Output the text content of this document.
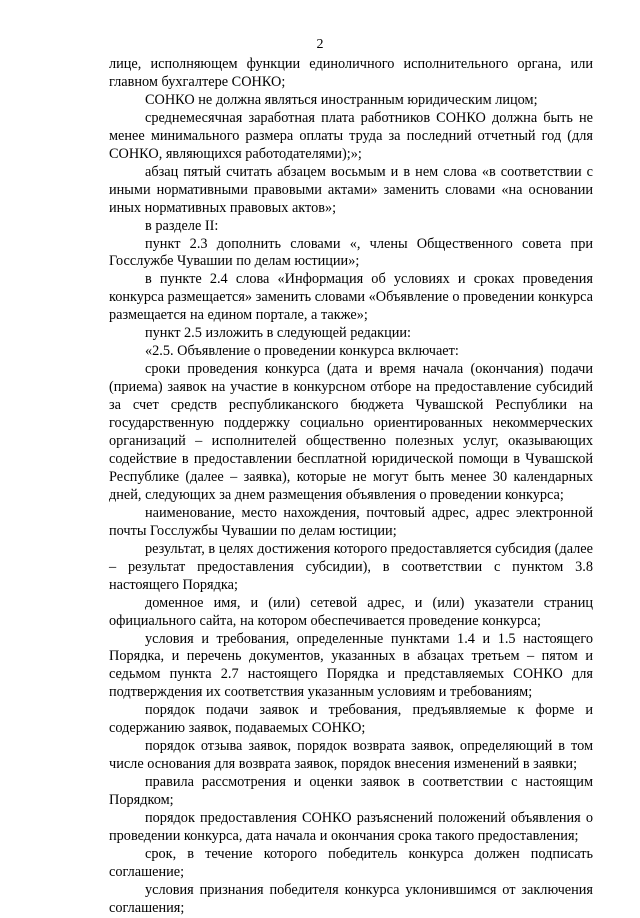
2

лице, исполняющем функции единоличного исполнительного органа, или главном бухгалтере СОНКО;

СОНКО не должна являться иностранным юридическим лицом;

среднемесячная заработная плата работников СОНКО должна быть не менее минимального размера оплаты труда за последний отчетный год (для СОНКО, являющихся работодателями);»;

абзац пятый считать абзацем восьмым и в нем слова «в соответствии с иными нормативными правовыми актами» заменить словами «на основании иных нормативных правовых актов»;

в разделе II:

пункт 2.3 дополнить словами «, члены Общественного совета при Госслужбе Чувашии по делам юстиции»;

в пункте 2.4 слова «Информация об условиях и сроках проведения конкурса размещается» заменить словами «Объявление о проведении конкурса размещается на едином портале, а также»;

пункт 2.5 изложить в следующей редакции:

«2.5. Объявление о проведении конкурса включает:

сроки проведения конкурса (дата и время начала (окончания) подачи (приема) заявок на участие в конкурсном отборе на предоставление субсидий за счет средств республиканского бюджета Чувашской Республики на государственную поддержку социально ориентированных некоммерческих организаций – исполнителей общественно полезных услуг, оказывающих содействие в предоставлении бесплатной юридической помощи в Чувашской Республике (далее – заявка), которые не могут быть менее 30 календарных дней, следующих за днем размещения объявления о проведении конкурса;

наименование, место нахождения, почтовый адрес, адрес электронной почты Госслужбы Чувашии по делам юстиции;

результат, в целях достижения которого предоставляется субсидия (далее – результат предоставления субсидии), в соответствии с пунктом 3.8 настоящего Порядка;

доменное имя, и (или) сетевой адрес, и (или) указатели страниц официального сайта, на котором обеспечивается проведение конкурса;

условия и требования, определенные пунктами 1.4 и 1.5 настоящего Порядка, и перечень документов, указанных в абзацах третьем – пятом и седьмом пункта 2.7 настоящего Порядка и представляемых СОНКО для подтверждения их соответствия указанным условиям и требованиям;

порядок подачи заявок и требования, предъявляемые к форме и содержанию заявок, подаваемых СОНКО;

порядок отзыва заявок, порядок возврата заявок, определяющий в том числе основания для возврата заявок, порядок внесения изменений в заявки;

правила рассмотрения и оценки заявок в соответствии с настоящим Порядком;

порядок предоставления СОНКО разъяснений положений объявления о проведении конкурса, дата начала и окончания срока такого предоставления;

срок, в течение которого победитель конкурса должен подписать соглашение;

условия признания победителя конкурса уклонившимся от заключения соглашения;
